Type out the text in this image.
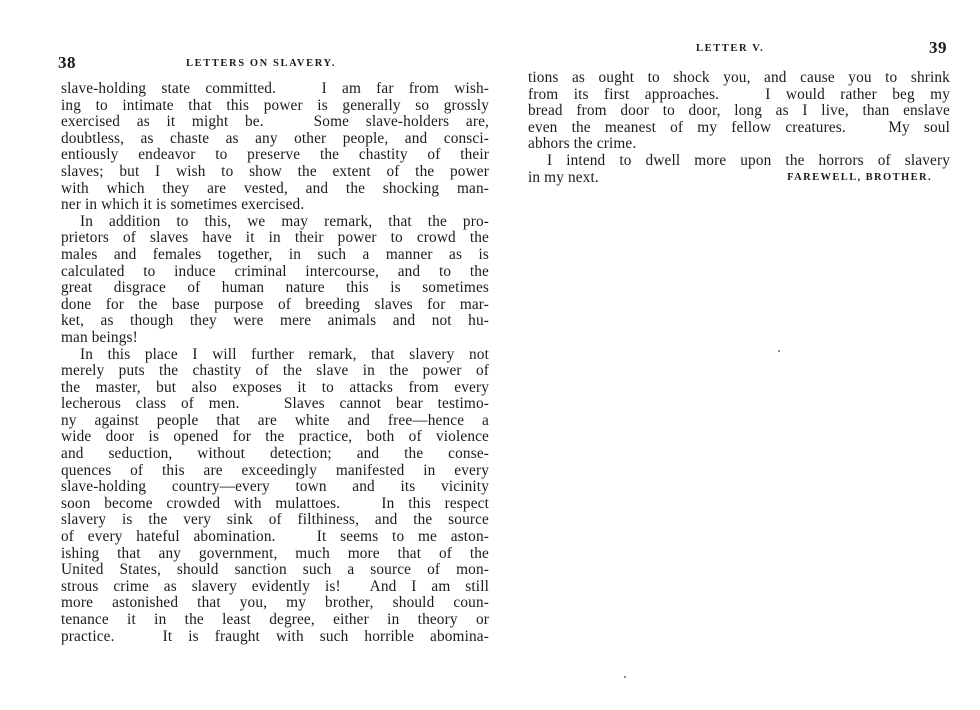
38	LETTERS ON SLAVERY.
slave-holding state committed.   I am far from wish-
ing to intimate that this power is generally so grossly
exercised as it might be.   Some slave-holders are,
doubtless, as chaste as any other people, and consci-
entiously endeavor to preserve the chastity of their
slaves; but I wish to show the extent of the power
with which they are vested, and the shocking man-
ner in which it is sometimes exercised.
In addition to this, we may remark, that the pro-
prietors of slaves have it in their power to crowd the
males and females together, in such a manner as is
calculated to induce criminal intercourse, and to the
great disgrace of human nature this is sometimes
done for the base purpose of breeding slaves for mar-
ket, as though they were mere animals and not hu-
man beings!
In this place I will further remark, that slavery not
merely puts the chastity of the slave in the power of
the master, but also exposes it to attacks from every
lecherous class of men.   Slaves cannot bear testimo-
ny against people that are white and free—hence a
wide door is opened for the practice, both of violence
and seduction, without detection; and the conse-
quences of this are exceedingly manifested in every
slave-holding country—every town and its vicinity
soon become crowded with mulattoes.   In this respect
slavery is the very sink of filthiness, and the source
of every hateful abomination.   It seems to me aston-
ishing that any government, much more that of the
United States, should sanction such a source of mon-
strous crime as slavery evidently is!  And I am still
more astonished that you, my brother, should coun-
tenance it in the least degree, either in theory or
practice.   It is fraught with such horrible abomina-
LETTER V.	39
tions as ought to shock you, and cause you to shrink
from its first approaches.   I would rather beg my
bread from door to door, long as I live, than enslave
even the meanest of my fellow creatures.   My soul
abhors the crime.
I intend to dwell more upon the horrors of slavery
in my next.	FAREWELL, BROTHER.
